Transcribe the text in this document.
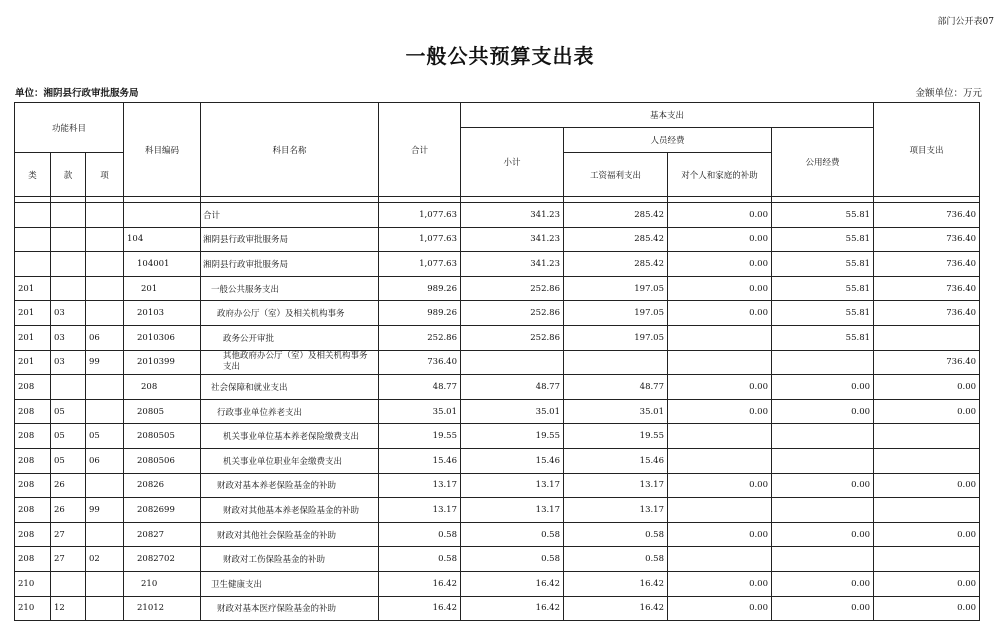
部门公开表07
一般公共预算支出表
单位：湘阴县行政审批服务局	金额单位：万元
功能科目			科目编码	科目名称	合计	基本支出				项目支出
						小计	人员经费		公用经费	
类	款	项					工资福利支出	对个人和家庭的补助		

				合计	1,077.63	341.23	285.42	0.00	55.81	736.40
			104	湘阴县行政审批服务局	1,077.63	341.23	285.42	0.00	55.81	736.40
			104001	湘阴县行政审批服务局	1,077.63	341.23	285.42	0.00	55.81	736.40
201			201	一般公共服务支出	989.26	252.86	197.05	0.00	55.81	736.40
201	03		20103	政府办公厅（室）及相关机构事务	989.26	252.86	197.05	0.00	55.81	736.40
201	03	06	2010306	政务公开审批	252.86	252.86	197.05		55.81	
201	03	99	2010399	其他政府办公厅（室）及相关机构事务支出	736.40					736.40
208			208	社会保障和就业支出	48.77	48.77	48.77	0.00	0.00	0.00
208	05		20805	行政事业单位养老支出	35.01	35.01	35.01	0.00	0.00	0.00
208	05	05	2080505	机关事业单位基本养老保险缴费支出	19.55	19.55	19.55			
208	05	06	2080506	机关事业单位职业年金缴费支出	15.46	15.46	15.46			
208	26		20826	财政对基本养老保险基金的补助	13.17	13.17	13.17	0.00	0.00	0.00
208	26	99	2082699	财政对其他基本养老保险基金的补助	13.17	13.17	13.17			
208	27		20827	财政对其他社会保险基金的补助	0.58	0.58	0.58	0.00	0.00	0.00
208	27	02	2082702	财政对工伤保险基金的补助	0.58	0.58	0.58			
210			210	卫生健康支出	16.42	16.42	16.42	0.00	0.00	0.00
210	12		21012	财政对基本医疗保险基金的补助	16.42	16.42	16.42	0.00	0.00	0.00
